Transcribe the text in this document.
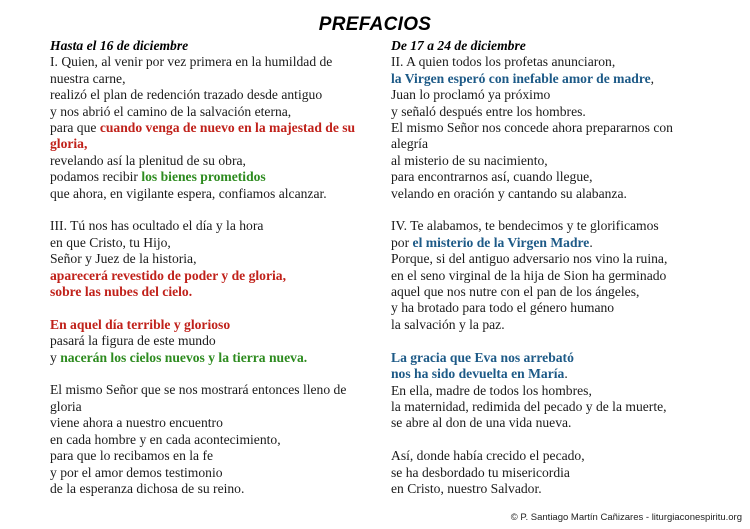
PREFACIOS
Hasta el 16 de diciembre
I. Quien, al venir por vez primera en la humildad de
nuestra carne,
realizó el plan de redención trazado desde antiguo
y nos abrió el camino de la salvación eterna,
para que cuando venga de nuevo en la majestad de su
gloria,
revelando así la plenitud de su obra,
podamos recibir los bienes prometidos
que ahora, en vigilante espera, confiamos alcanzar.
III. Tú nos has ocultado el día y la hora
en que Cristo, tu Hijo,
Señor y Juez de la historia,
aparecerá revestido de poder y de gloria,
sobre las nubes del cielo.
En aquel día terrible y glorioso
pasará la figura de este mundo
y nacerán los cielos nuevos y la tierra nueva.
El mismo Señor que se nos mostrará entonces lleno de
gloria
viene ahora a nuestro encuentro
en cada hombre y en cada acontecimiento,
para que lo recibamos en la fe
y por el amor demos testimonio
de la esperanza dichosa de su reino.
De 17 a 24 de diciembre
II. A quien todos los profetas anunciaron,
la Virgen esperó con inefable amor de madre,
Juan lo proclamó ya próximo
y señaló después entre los hombres.
El mismo Señor nos concede ahora prepararnos con
alegría
al misterio de su nacimiento,
para encontrarnos así, cuando llegue,
velando en oración y cantando su alabanza.
IV. Te alabamos, te bendecimos y te glorificamos
por el misterio de la Virgen Madre.
Porque, si del antiguo adversario nos vino la ruina,
en el seno virginal de la hija de Sion ha germinado
aquel que nos nutre con el pan de los ángeles,
y ha brotado para todo el género humano
la salvación y la paz.
La gracia que Eva nos arrebató
nos ha sido devuelta en María.
En ella, madre de todos los hombres,
la maternidad, redimida del pecado y de la muerte,
se abre al don de una vida nueva.
Así, donde había crecido el pecado,
se ha desbordado tu misericordia
en Cristo, nuestro Salvador.
© P. Santiago Martín Cañizares - liturgiaconespiritu.org
